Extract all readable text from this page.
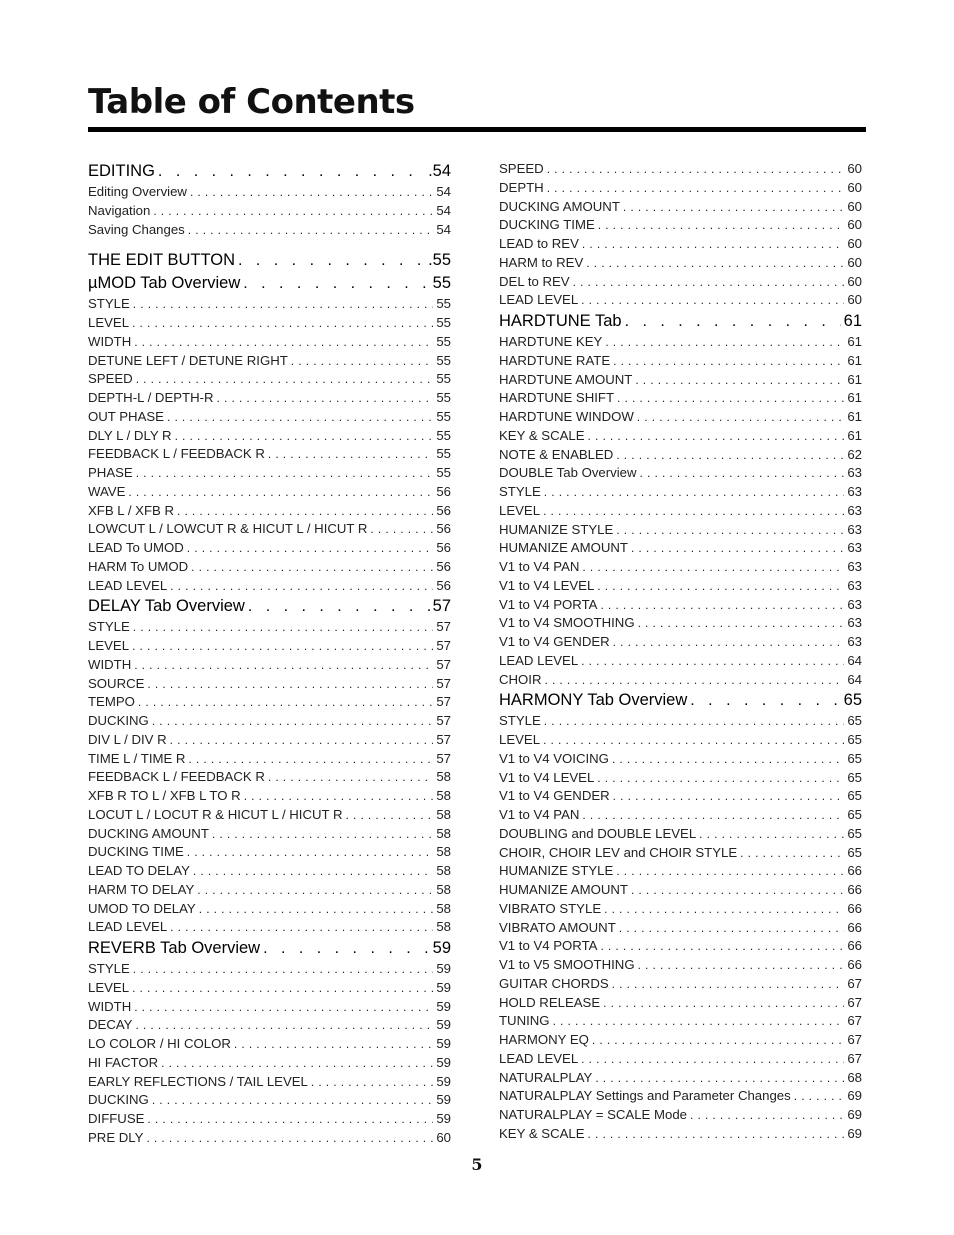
Table of Contents
EDITING . . .	.54
Editing Overview . . .	54
Navigation . . .	54
Saving Changes . . .	54
THE EDIT BUTTON . . .	.55
µMOD Tab Overview . . .	55
STYLE . . .	55
LEVEL . . .	55
WIDTH . . .	55
DETUNE LEFT / DETUNE RIGHT . . .	55
SPEED . . .	55
DEPTH-L / DEPTH-R . . .	55
OUT PHASE . . .	55
DLY L / DLY R . . .	55
FEEDBACK L / FEEDBACK R . . .	55
PHASE . . .	55
WAVE . . .	56
XFB L / XFB R . . .	56
LOWCUT L / LOWCUT R & HICUT L / HICUT R . . .	56
LEAD To UMOD . . .	56
HARM To UMOD . . .	56
LEAD LEVEL . . .	56
DELAY Tab Overview . . .	57
STYLE . . .	57
LEVEL . . .	57
WIDTH . . .	57
SOURCE . . .	57
TEMPO . . .	57
DUCKING . . .	57
DIV L / DIV R . . .	57
TIME L / TIME R . . .	57
FEEDBACK L / FEEDBACK R . . .	58
XFB R TO L / XFB L TO R . . .	58
LOCUT L / LOCUT R & HICUT L / HICUT R . . .	58
DUCKING AMOUNT . . .	58
DUCKING TIME . . .	58
LEAD TO DELAY . . .	58
HARM TO DELAY . . .	58
UMOD TO DELAY . . .	58
LEAD LEVEL . . .	58
REVERB Tab Overview . . .	59
STYLE . . .	59
LEVEL . . .	59
WIDTH . . .	59
DECAY . . .	59
LO COLOR / HI COLOR . . .	59
HI FACTOR . . .	59
EARLY REFLECTIONS / TAIL LEVEL . . .	59
DUCKING . . .	59
DIFFUSE . . .	59
PRE DLY . . .	60
SPEED . . .	60
DEPTH . . .	60
DUCKING AMOUNT . . .	60
DUCKING TIME . . .	60
LEAD to REV . . .	60
HARM to REV . . .	60
DEL to REV . . .	60
LEAD LEVEL . . .	60
HARDTUNE Tab . . .	61
HARDTUNE KEY . . .	61
HARDTUNE RATE . . .	61
HARDTUNE AMOUNT . . .	61
HARDTUNE SHIFT . . .	61
HARDTUNE WINDOW . . .	61
KEY & SCALE . . .	61
NOTE & ENABLED . . .	62
DOUBLE Tab Overview . . .	63
STYLE . . .	63
LEVEL . . .	63
HUMANIZE STYLE . . .	63
HUMANIZE AMOUNT . . .	63
V1 to V4 PAN . . .	63
V1 to V4 LEVEL . . .	63
V1 to V4 PORTA . . .	63
V1 to V4 SMOOTHING . . .	63
V1 to V4 GENDER . . .	63
LEAD LEVEL . . .	64
CHOIR . . .	64
HARMONY Tab Overview . . .	65
STYLE . . .	65
LEVEL . . .	65
V1 to V4 VOICING . . .	65
V1 to V4 LEVEL . . .	65
V1 to V4 GENDER . . .	65
V1 to V4 PAN . . .	65
DOUBLING and DOUBLE LEVEL . . .	65
CHOIR, CHOIR LEV and CHOIR STYLE . . .	65
HUMANIZE STYLE . . .	66
HUMANIZE AMOUNT . . .	66
VIBRATO STYLE . . .	66
VIBRATO AMOUNT . . .	66
V1 to V4 PORTA . . .	66
V1 to V5 SMOOTHING . . .	66
GUITAR CHORDS . . .	67
HOLD RELEASE . . .	67
TUNING . . .	67
HARMONY EQ . . .	67
LEAD LEVEL . . .	67
NATURALPLAY . . .	68
NATURALPLAY Settings and Parameter Changes . . .	69
NATURALPLAY = SCALE Mode . . .	69
KEY & SCALE . . .	69
5
